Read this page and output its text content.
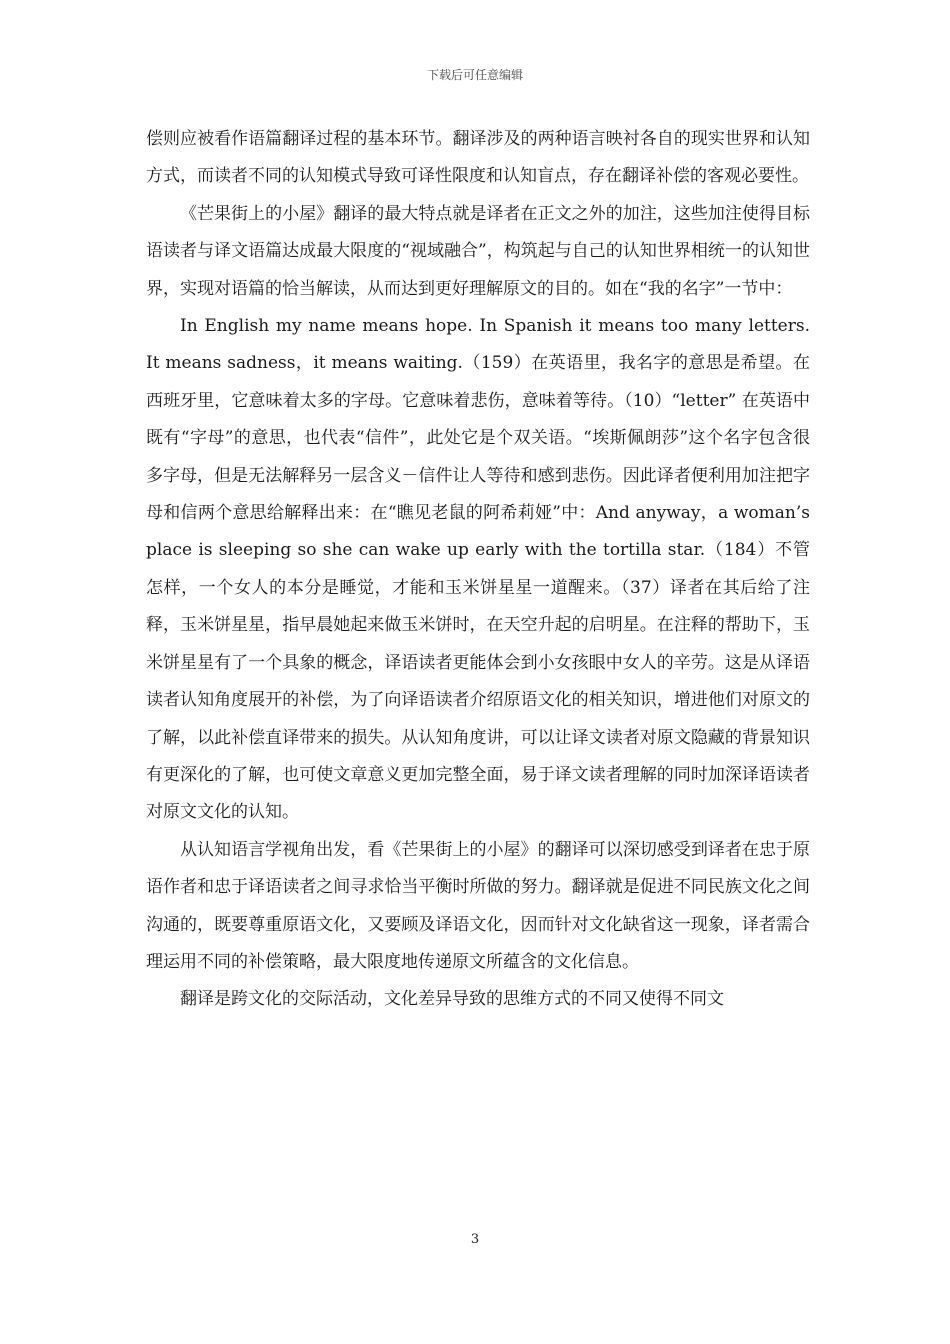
下载后可任意编辑

偿则应被看作语篇翻译过程的基本环节。翻译涉及的两种语言映衬各自的现实世界和认知方式，而读者不同的认知模式导致可译性限度和认知盲点，存在翻译补偿的客观必要性。

《芒果街上的小屋》翻译的最大特点就是译者在正文之外的加注，这些加注使得目标语读者与译文语篇达成最大限度的“视域融合”，构筑起与自己的认知世界相统一的认知世界，实现对语篇的恰当解读，从而达到更好理解原文的目的。如在“我的名字”一节中：

In English my name means hope. In Spanish it means too many letters. It means sadness，it means waiting.（159）在英语里，我名字的意思是希望。在西班牙里，它意味着太多的字母。它意味着悲伤，意味着等待。（10）“letter” 在英语中既有“字母”的意思，也代表“信件”，此处它是个双关语。“埃斯佩朗莎”这个名字包含很多字母，但是无法解释另一层含义－信件让人等待和感到悲伤。因此译者便利用加注把字母和信两个意思给解释出来：在“瞧见老鼠的阿希莉娅”中：And anyway，a woman’s place is sleeping so she can wake up early with the tortilla star.（184）不管怎样，一个女人的本分是睡觉，才能和玉米饼星星一道醒来。（37）译者在其后给了注释，玉米饼星星，指早晨她起来做玉米饼时，在天空升起的启明星。在注释的帮助下，玉米饼星星有了一个具象的概念，译语读者更能体会到小女孩眼中女人的辛劳。这是从译语读者认知角度展开的补偿，为了向译语读者介绍原语文化的相关知识，增进他们对原文的了解，以此补偿直译带来的损失。从认知角度讲，可以让译文读者对原文隐藏的背景知识有更深化的了解，也可使文章意义更加完整全面，易于译文读者理解的同时加深译语读者对原文文化的认知。

从认知语言学视角出发，看《芒果街上的小屋》的翻译可以深切感受到译者在忠于原语作者和忠于译语读者之间寻求恰当平衡时所做的努力。翻译就是促进不同民族文化之间沟通的，既要尊重原语文化，又要顾及译语文化，因而针对文化缺省这一现象，译者需合理运用不同的补偿策略，最大限度地传递原文所蕴含的文化信息。

翻译是跨文化的交际活动，文化差异导致的思维方式的不同又使得不同文

3
